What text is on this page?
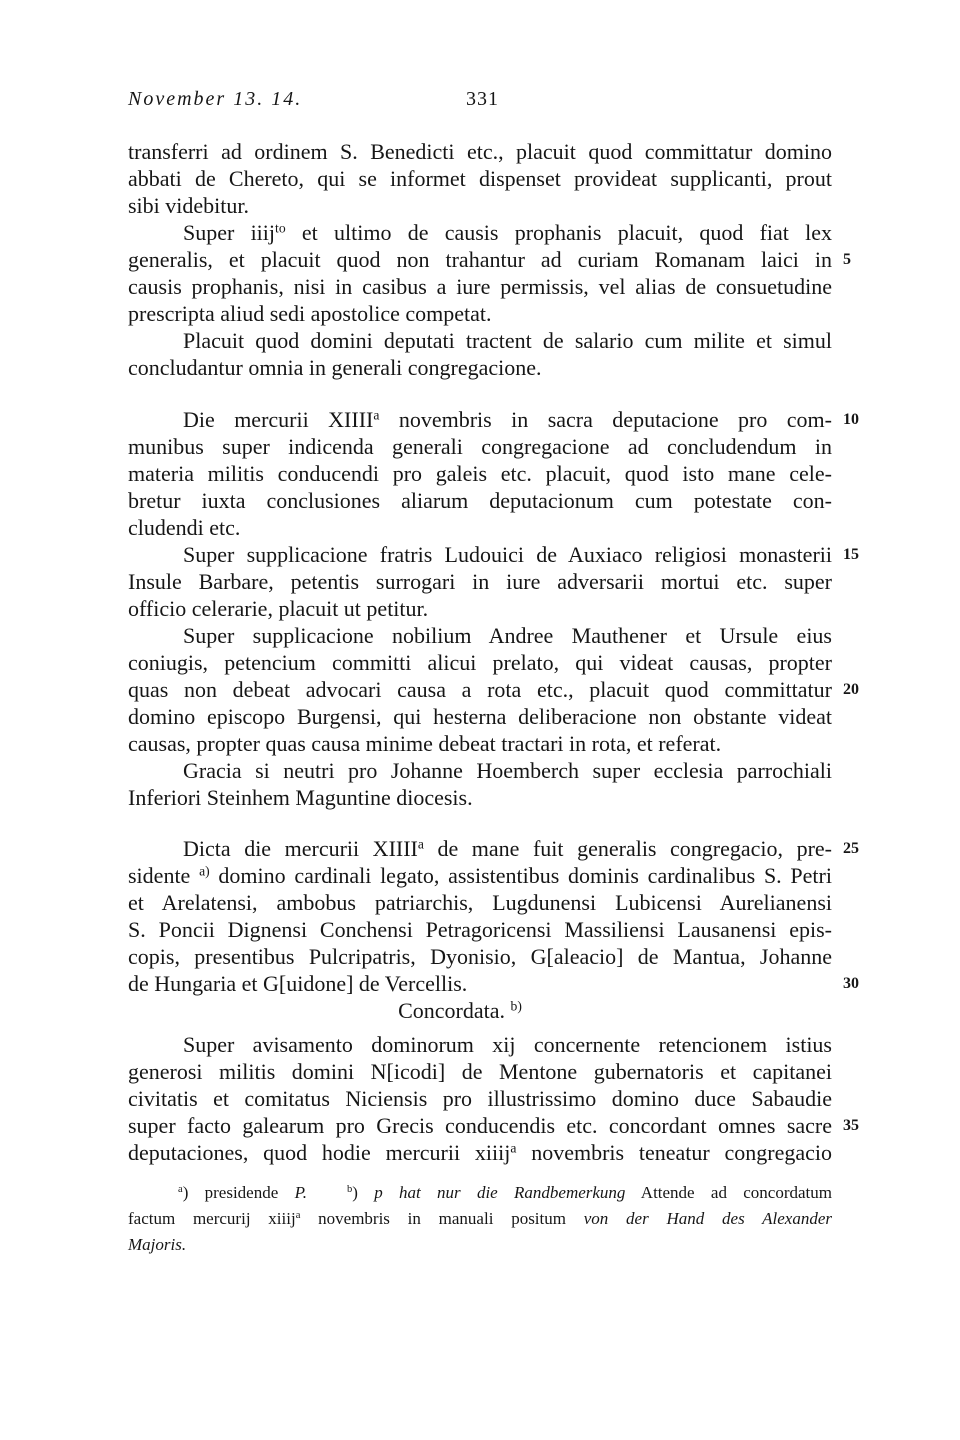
November 13. 14.	331
transferri ad ordinem S. Benedicti etc., placuit quod committatur domino
abbati de Chereto, qui se informet dispenset provideat supplicanti, prout
sibi videbitur.
Super iiij$^{to}$ et ultimo de causis prophanis placuit, quod fiat lex
generalis, et placuit quod non trahantur ad curiam Romanam laici in 5
causis prophanis, nisi in casibus a iure permissis, vel alias de consuetudine
prescripta aliud sedi apostolice competat.
Placuit quod domini deputati tractent de salario cum milite et simul
concludantur omnia in generali congregacione.
Die mercurii XIIII$^a$ novembris in sacra deputacione pro com- 10
munibus super indicenda generali congregacione ad concludendum in
materia militis conducendi pro galeis etc. placuit, quod isto mane cele-
bretur iuxta conclusiones aliarum deputacionum cum potestate con-
cludendi etc.
Super supplicacione fratris Ludouici de Auxiaco religiosi monasterii 15
Insule Barbare, petentis surrogari in iure adversarii mortui etc. super
officio celerarie, placuit ut petitur.
Super supplicacione nobilium Andree Mauthener et Ursule eius
coniugis, petencium committi alicui prelato, qui videat causas, propter
quas non debeat advocari causa a rota etc., placuit quod committatur 20
domino episcopo Burgensi, qui hesterna deliberacione non obstante videat
causas, propter quas causa minime debeat tractari in rota, et referat.
Gracia si neutri pro Johanne Hoemberch super ecclesia parrochiali
Inferiori Steinhem Maguntine diocesis.
Dicta die mercurii XIIII$^a$ de mane fuit generalis congregacio, pre- 25
sidente $^{a)}$ domino cardinali legato, assistentibus dominis cardinalibus S. Petri
et Arelatensi, ambobus patriarchis, Lugdunensi Lubicensi Aurelianensi
S. Poncii Dignensi Conchensi Petragoricensi Massiliensi Lausanensi epis-
copis, presentibus Pulcripatris, Dyonisio, G[aleacio] de Mantua, Johanne
de Hungaria et G[uidone] de Vercellis.	30
Concordata. $^{b)}$
Super avisamento dominorum xij concernente retencionem istius
generosi militis domini N[icodi] de Mentone gubernatoris et capitanei
civitatis et comitatus Niciensis pro illustrissimo domino duce Sabaudie
super facto galearum pro Grecis conducendis etc. concordant omnes sacre 35
deputaciones, quod hodie mercurii xiiij$^a$ novembris teneatur congregacio
$^a$) presidende P.	$^b$) p hat nur die Randbemerkung Attende ad concordatum
factum mercurij xiiij$^a$ novembris in manuali positum von der Hand des Alexander
Majoris.
